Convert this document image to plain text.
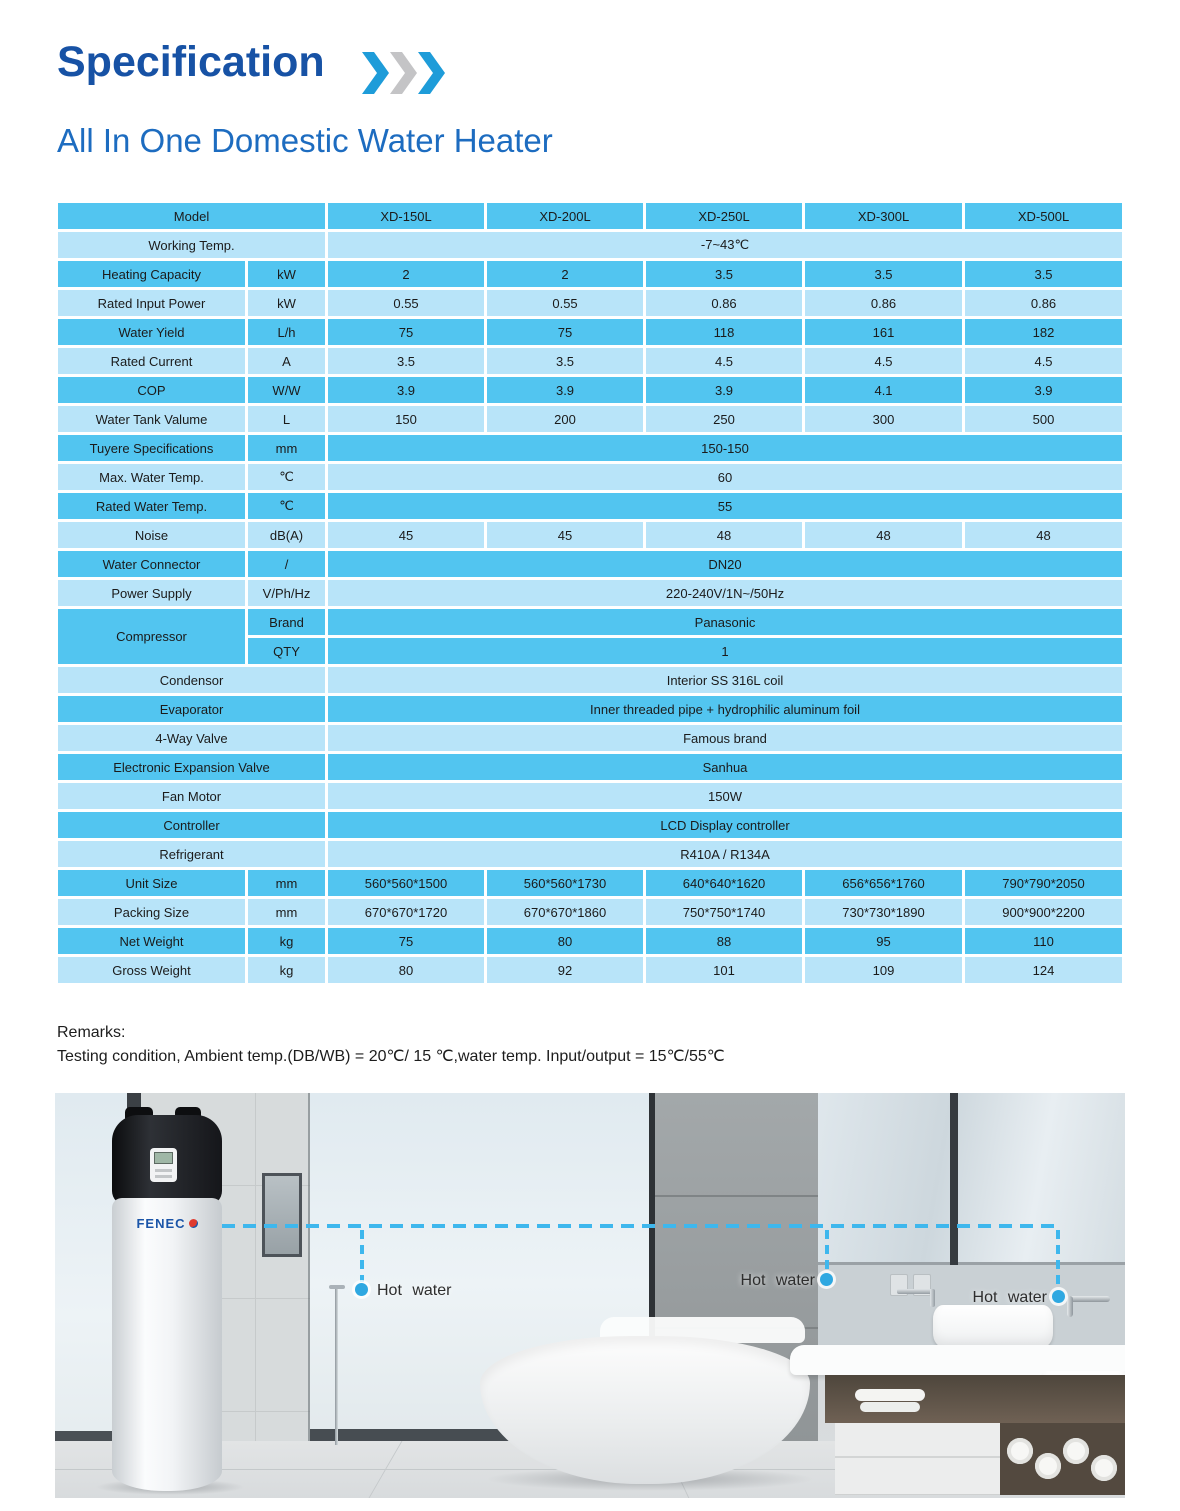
Specification
All In One Domestic Water Heater
Model		XD-150L	XD-200L	XD-250L	XD-300L	XD-500L
Working Temp.		-7~43℃				
Heating Capacity	kW	2	2	3.5	3.5	3.5
Rated Input Power	kW	0.55	0.55	0.86	0.86	0.86
Water Yield	L/h	75	75	118	161	182
Rated Current	A	3.5	3.5	4.5	4.5	4.5
COP	W/W	3.9	3.9	3.9	4.1	3.9
Water Tank Valume	L	150	200	250	300	500
Tuyere Specifications	mm	150-150				
Max. Water Temp.	℃	60				
Rated Water Temp.	℃	55				
Noise	dB(A)	45	45	48	48	48
Water Connector	/	DN20				
Power Supply	V/Ph/Hz	220-240V/1N~/50Hz				
Compressor	Brand	Panasonic				
	QTY	1				
Condensor		Interior SS 316L coil				
Evaporator		Inner threaded pipe + hydrophilic aluminum foil				
4-Way Valve		Famous brand				
Electronic Expansion Valve		Sanhua				
Fan Motor		150W				
Controller		LCD Display controller				
Refrigerant		R410A / R134A				
Unit Size	mm	560*560*1500	560*560*1730	640*640*1620	656*656*1760	790*790*2050
Packing Size	mm	670*670*1720	670*670*1860	750*750*1740	730*730*1890	900*900*2200
Net Weight	kg	75	80	88	95	110
Gross Weight	kg	80	92	101	109	124
Remarks:
Testing condition, Ambient temp.(DB/WB) = 20℃/ 15 ℃,water temp. Input/output = 15℃/55℃
FENEC
Hot water
Hot water
Hot water
